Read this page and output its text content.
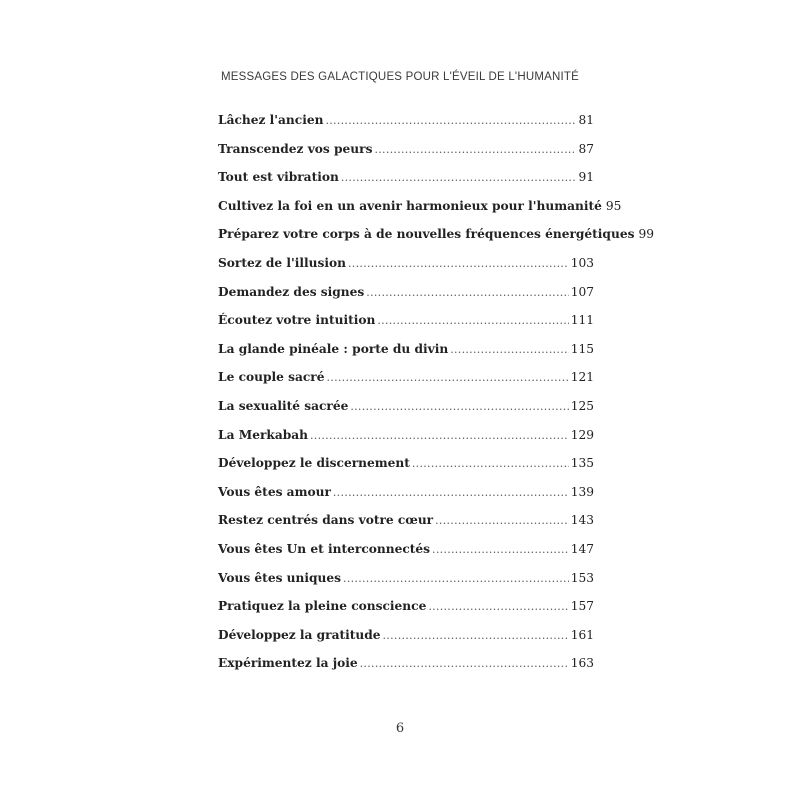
MESSAGES DES GALACTIQUES POUR L'ÉVEIL DE L'HUMANITÉ
Lâchez l'ancien . . .	81
Transcendez vos peurs . . .	87
Tout est vibration . . .	91
Cultivez la foi en un avenir harmonieux pour l'humanité 95
Préparez votre corps à de nouvelles fréquences énergétiques 99
Sortez de l'illusion . . .	103
Demandez des signes . . .	107
Écoutez votre intuition . . .	111
La glande pinéale : porte du divin . . .	115
Le couple sacré . . .	121
La sexualité sacrée . . .	125
La Merkabah . . .	129
Développez le discernement . . .	135
Vous êtes amour . . .	139
Restez centrés dans votre cœur . . .	143
Vous êtes Un et interconnectés . . .	147
Vous êtes uniques . . .	153
Pratiquez la pleine conscience . . .	157
Développez la gratitude . . .	161
Expérimentez la joie . . .	163
6
